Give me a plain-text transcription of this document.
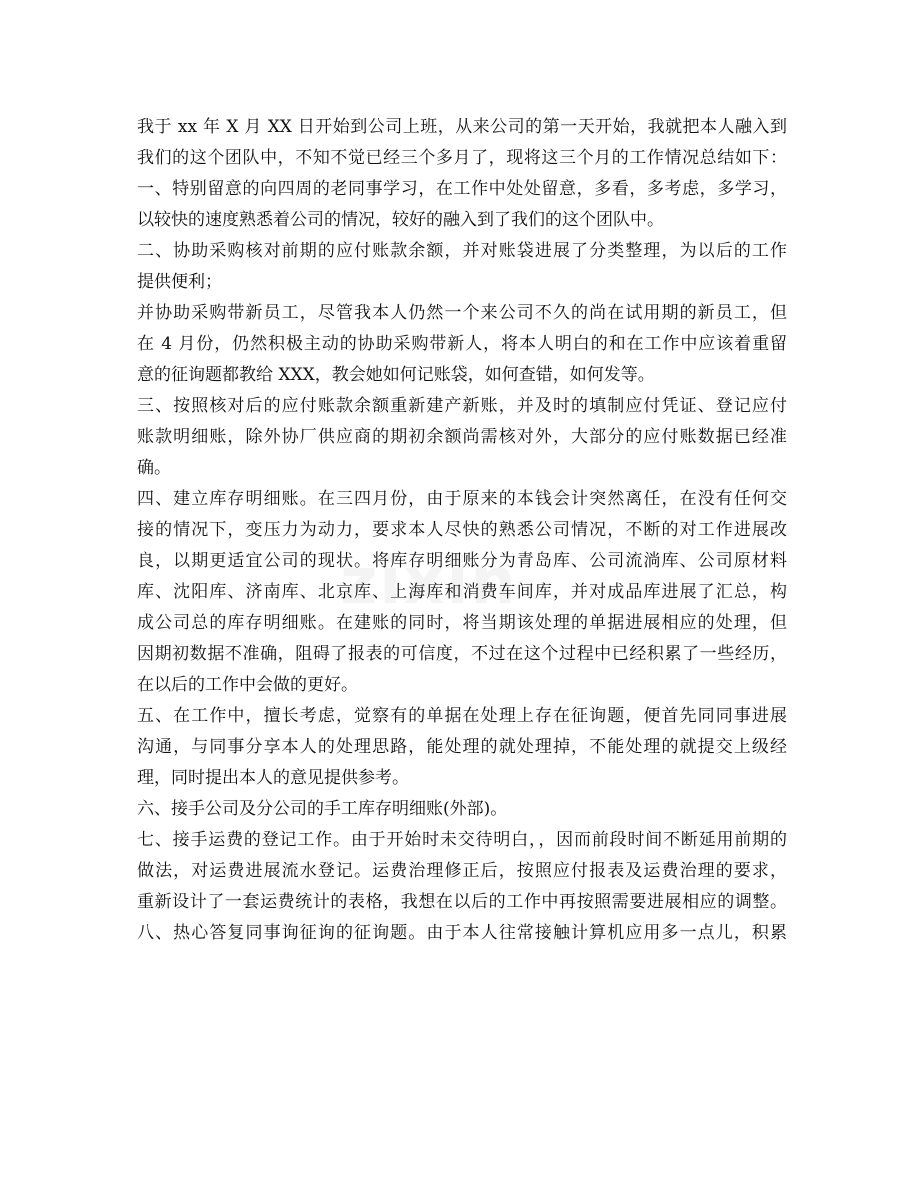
我于 xx 年 X 月 XX 日开始到公司上班，从来公司的第一天开始，我就把本人融入到
我们的这个团队中，不知不觉已经三个多月了，现将这三个月的工作情况总结如下：
一、特别留意的向四周的老同事学习，在工作中处处留意，多看，多考虑，多学习，
以较快的速度熟悉着公司的情况，较好的融入到了我们的这个团队中。
二、协助采购核对前期的应付账款余额，并对账袋进展了分类整理，为以后的工作
提供便利；
并协助采购带新员工，尽管我本人仍然一个来公司不久的尚在试用期的新员工，但
在 4 月份，仍然积极主动的协助采购带新人，将本人明白的和在工作中应该着重留
意的征询题都教给 XXX，教会她如何记账袋，如何查错，如何发等。
三、按照核对后的应付账款余额重新建产新账，并及时的填制应付凭证、登记应付
账款明细账，除外协厂供应商的期初余额尚需核对外，大部分的应付账数据已经准
确。
四、建立库存明细账。在三四月份，由于原来的本钱会计突然离任，在没有任何交
接的情况下，变压力为动力，要求本人尽快的熟悉公司情况，不断的对工作进展改
良，以期更适宜公司的现状。将库存明细账分为青岛库、公司流淌库、公司原材料
库、沈阳库、济南库、北京库、上海库和消费车间库，并对成品库进展了汇总，构
成公司总的库存明细账。在建账的同时，将当期该处理的单据进展相应的处理，但
因期初数据不准确，阻碍了报表的可信度，不过在这个过程中已经积累了一些经历，
在以后的工作中会做的更好。
五、在工作中，擅长考虑，觉察有的单据在处理上存在征询题，便首先同同事进展
沟通，与同事分享本人的处理思路，能处理的就处理掉，不能处理的就提交上级经
理，同时提出本人的意见提供参考。
六、接手公司及分公司的手工库存明细账(外部)。
七、接手运费的登记工作。由于开始时未交待明白，，因而前段时间不断延用前期的
做法，对运费进展流水登记。运费治理修正后，按照应付报表及运费治理的要求，
重新设计了一套运费统计的表格，我想在以后的工作中再按照需要进展相应的调整。
八、热心答复同事询征询的征询题。由于本人往常接触计算机应用多一点儿，积累
